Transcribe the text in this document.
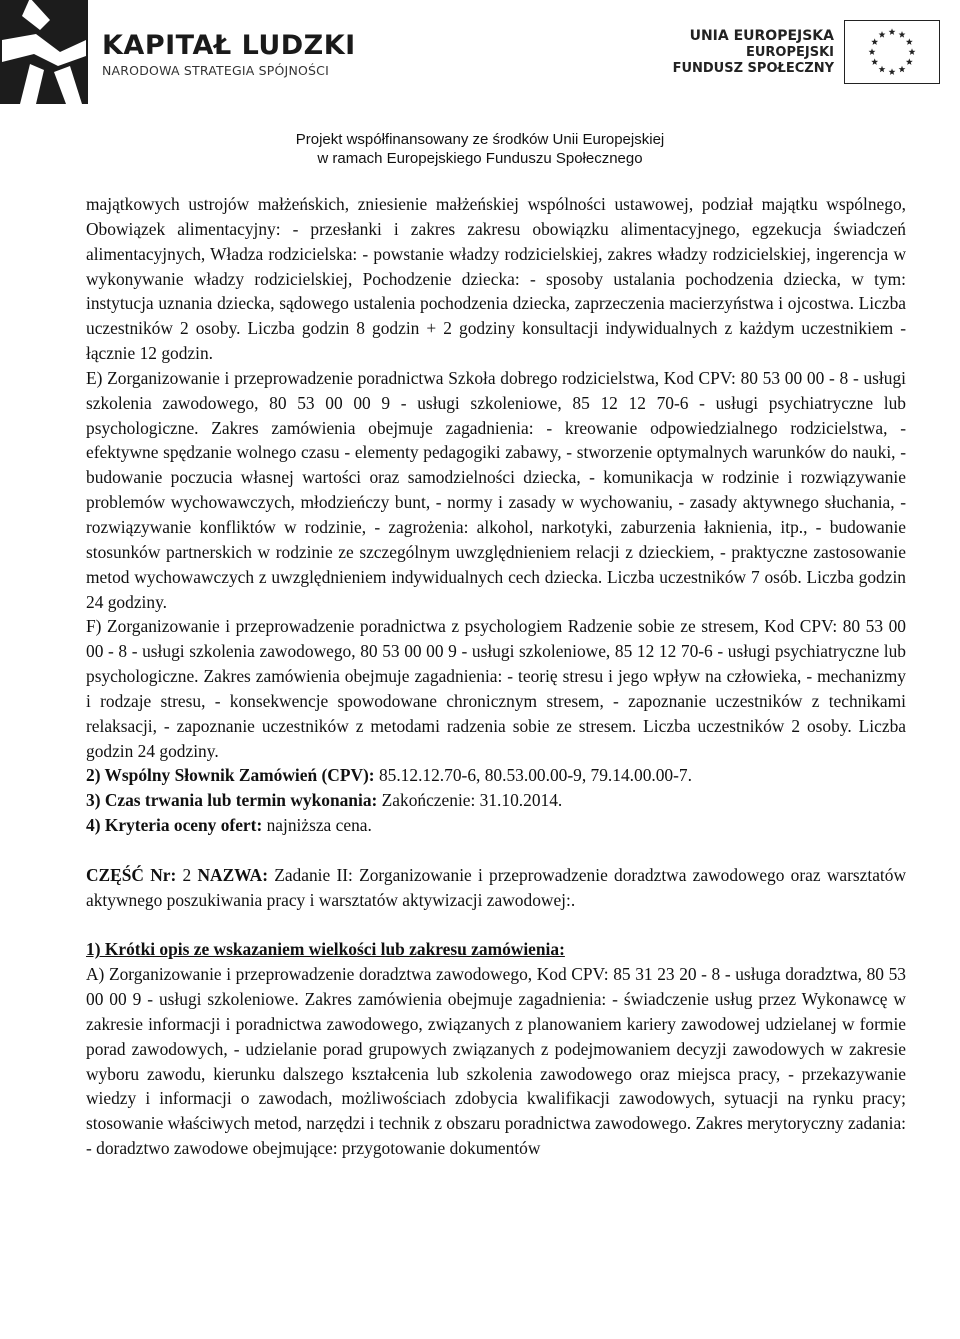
KAPITAŁ LUDZKI
NARODOWA STRATEGIA SPÓJNOŚCI
UNIA EUROPEJSKA
EUROPEJSKI
FUNDUSZ SPOŁECZNY
Projekt współfinansowany ze środków Unii Europejskiej
w ramach Europejskiego Funduszu Społecznego

majątkowych ustrojów małżeńskich, zniesienie małżeńskiej wspólności ustawowej, podział majątku wspólnego, Obowiązek alimentacyjny: - przesłanki i zakres zakresu obowiązku alimentacyjnego, egzekucja świadczeń alimentacyjnych, Władza rodzicielska: - powstanie władzy rodzicielskiej, zakres władzy rodzicielskiej, ingerencja w wykonywanie władzy rodzicielskiej, Pochodzenie dziecka: - sposoby ustalania pochodzenia dziecka, w tym: instytucja uznania dziecka, sądowego ustalenia pochodzenia dziecka, zaprzeczenia macierzyństwa i ojcostwa. Liczba uczestników 2 osoby. Liczba godzin 8 godzin + 2 godziny konsultacji indywidualnych z każdym uczestnikiem - łącznie 12 godzin.

E) Zorganizowanie i przeprowadzenie poradnictwa Szkoła dobrego rodzicielstwa, Kod CPV: 80 53 00 00 - 8 - usługi szkolenia zawodowego, 80 53 00 00 9 - usługi szkoleniowe, 85 12 12 70-6 - usługi psychiatryczne lub psychologiczne. Zakres zamówienia obejmuje zagadnienia: - kreowanie odpowiedzialnego rodzicielstwa, - efektywne spędzanie wolnego czasu - elementy pedagogiki zabawy, - stworzenie optymalnych warunków do nauki, - budowanie poczucia własnej wartości oraz samodzielności dziecka, - komunikacja w rodzinie i rozwiązywanie problemów wychowawczych, młodzieńczy bunt, - normy i zasady w wychowaniu, - zasady aktywnego słuchania, - rozwiązywanie konfliktów w rodzinie, - zagrożenia: alkohol, narkotyki, zaburzenia łaknienia, itp., - budowanie stosunków partnerskich w rodzinie ze szczególnym uwzględnieniem relacji z dzieckiem, - praktyczne zastosowanie metod wychowawczych z uwzględnieniem indywidualnych cech dziecka. Liczba uczestników 7 osób. Liczba godzin 24 godziny.

F) Zorganizowanie i przeprowadzenie poradnictwa z psychologiem Radzenie sobie ze stresem, Kod CPV: 80 53 00 00 - 8 - usługi szkolenia zawodowego, 80 53 00 00 9 - usługi szkoleniowe, 85 12 12 70-6 - usługi psychiatryczne lub psychologiczne. Zakres zamówienia obejmuje zagadnienia: - teorię stresu i jego wpływ na człowieka, - mechanizmy i rodzaje stresu, - konsekwencje spowodowane chronicznym stresem, - zapoznanie uczestników z technikami relaksacji, - zapoznanie uczestników z metodami radzenia sobie ze stresem. Liczba uczestników 2 osoby. Liczba godzin 24 godziny.

2) Wspólny Słownik Zamówień (CPV): 85.12.12.70-6, 80.53.00.00-9, 79.14.00.00-7.

3) Czas trwania lub termin wykonania: Zakończenie: 31.10.2014.

4) Kryteria oceny ofert: najniższa cena.

CZĘŚĆ Nr: 2 NAZWA: Zadanie II: Zorganizowanie i przeprowadzenie doradztwa zawodowego oraz warsztatów aktywnego poszukiwania pracy i warsztatów aktywizacji zawodowej:.

1) Krótki opis ze wskazaniem wielkości lub zakresu zamówienia:

A) Zorganizowanie i przeprowadzenie doradztwa zawodowego, Kod CPV: 85 31 23 20 - 8 - usługa doradztwa, 80 53 00 00 9 - usługi szkoleniowe. Zakres zamówienia obejmuje zagadnienia: - świadczenie usług przez Wykonawcę w zakresie informacji i poradnictwa zawodowego, związanych z planowaniem kariery zawodowej udzielanej w formie porad zawodowych, - udzielanie porad grupowych związanych z podejmowaniem decyzji zawodowych w zakresie wyboru zawodu, kierunku dalszego kształcenia lub szkolenia zawodowego oraz miejsca pracy, - przekazywanie wiedzy i informacji o zawodach, możliwościach zdobycia kwalifikacji zawodowych, sytuacji na rynku pracy; stosowanie właściwych metod, narzędzi i technik z obszaru poradnictwa zawodowego. Zakres merytoryczny zadania: - doradztwo zawodowe obejmujące: przygotowanie dokumentów
